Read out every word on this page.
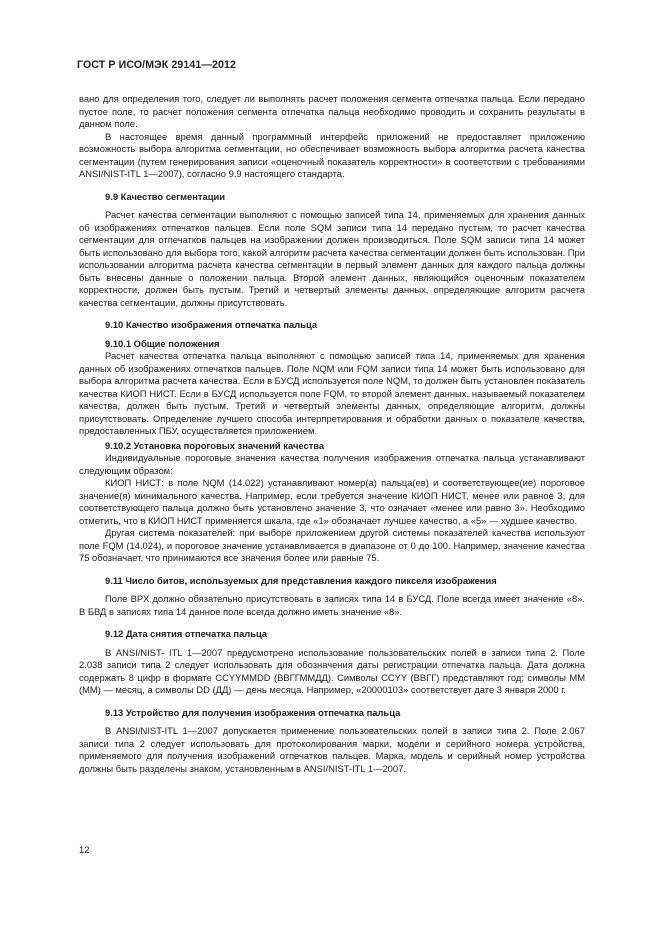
ГОСТ Р ИСО/МЭК 29141—2012
вано для определения того, следует ли выполнять расчет положения сегмента отпечатка пальца. Если передано пустое поле, то расчет положения сегмента отпечатка пальца необходимо проводить и сохранить результаты в данном поле.
В настоящее время данный программный интерфейс приложений не предоставляет приложению возможность выбора алгоритма сегментации, но обеспечивает возможность выбора алгоритма расчета качества сегментации (путем генерирования записи «оценочный показатель корректности» в соответствии с требованиями ANSI/NIST-ITL 1—2007), согласно 9.9 настоящего стандарта.
9.9 Качество сегментации
Расчет качества сегментации выполняют с помощью записей типа 14, применяемых для хранения данных об изображениях отпечатков пальцев. Если поле SQM записи типа 14 передано пустым, то расчет качества сегментации для отпечатков пальцев на изображении должен производиться. Поле SQM записи типа 14 может быть использовано для выбора того, какой алгоритм расчета качества сегментации должен быть использован. При использовании алгоритма расчета качества сегментации в первый элемент данных для каждого пальца должны быть внесены данные о положении пальца. Второй элемент данных, являющийся оценочным показателем корректности, должен быть пустым. Третий и четвертый элементы данных, определяющие алгоритм расчета качества сегментации, должны присутствовать.
9.10 Качество изображения отпечатка пальца
9.10.1 Общие положения
Расчет качества отпечатка пальца выполняют с помощью записей типа 14, применяемых для хранения данных об изображениях отпечатков пальцев. Поле NQM или FQM записи типа 14 может быть использовано для выбора алгоритма расчета качества. Если в БУСД используется поле NQM, то должен быть установлен показатель качества КИОП НИСТ. Если в БУСД используется поле FQM, то второй элемент данных, называемый показателем качества, должен быть пустым. Третий и четвертый элементы данных, определяющие алгоритм, должны присутствовать. Определение лучшего способа интерпретирования и обработки данных о показателе качества, предоставленных ПБУ, осуществляется приложением.
9.10.2 Установка пороговых значений качества
Индивидуальные пороговые значения качества получения изображения отпечатка пальца устанавливают следующим образом:
КИОП НИСТ: в поле NQM (14.022) устанавливают номер(а) пальца(ев) и соответствующее(ие) пороговое значение(я) минимального качества. Например, если требуется значение КИОП НИСТ, менее или равное 3, для соответствующего пальца должно быть установлено значение 3, что означает «менее или равно 3». Необходимо отметить, что в КИОП НИСТ применяется шкала, где «1» обозначает лучшее качество, а «5» — худшее качество.
Другая система показателей: при выборе приложением другой системы показателей качества используют поле FQM (14.024), и пороговое значение устанавливается в диапазоне от 0 до 100. Например, значение качества 75 обозначает, что принимаются все значения более или равные 75.
9.11 Число битов, используемых для представления каждого пикселя изображения
Поле BPX должно обязательно присутствовать в записях типа 14 в БУСД. Поле всегда имеет значение «8». В БВД в записях типа 14 данное поле всегда должно иметь значение «8».
9.12 Дата снятия отпечатка пальца
В ANSI/NIST- ITL 1—2007 предусмотрено использование пользовательских полей в записи типа 2. Поле 2.038 записи типа 2 следует использовать для обозначения даты регистрации отпечатка пальца. Дата должна содержать 8 цифр в формате CCYYMMDD (ВВГГММДД). Символы CCYY (ВВГГ) представляют год; символы MM (ММ) — месяц, а символы DD (ДД) — день месяца. Например, «20000103» соответствует дате 3 января 2000 г.
9.13 Устройство для получения изображения отпечатка пальца
В ANSI/NIST-ITL 1—2007 допускается применение пользовательских полей в записи типа 2. Поле 2.067 записи типа 2 следует использовать для протоколирования марки, модели и серийного номера устройства, применяемого для получения изображений отпечатков пальцев. Марка, модель и серийный номер устройства должны быть разделены знаком, установленным в ANSI/NIST-ITL 1—2007.
12
